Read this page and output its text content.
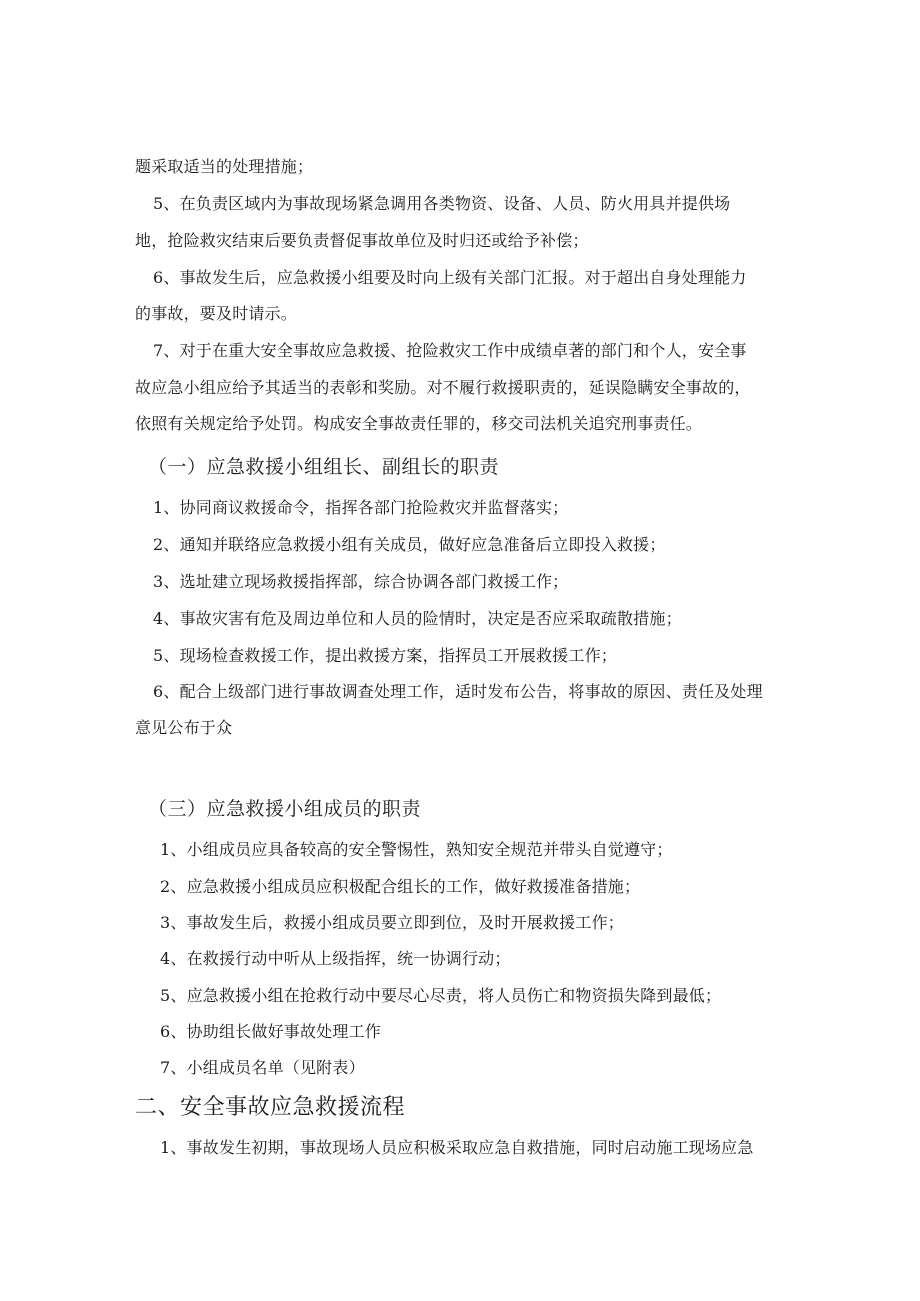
题采取适当的处理措施；
5、在负责区域内为事故现场紧急调用各类物资、设备、人员、防火用具并提供场
地，抢险救灾结束后要负责督促事故单位及时归还或给予补偿；
6、事故发生后，应急救援小组要及时向上级有关部门汇报。对于超出自身处理能力
的事故，要及时请示。
7、对于在重大安全事故应急救援、抢险救灾工作中成绩卓著的部门和个人，安全事
故应急小组应给予其适当的表彰和奖励。对不履行救援职责的，延误隐瞒安全事故的，
依照有关规定给予处罚。构成安全事故责任罪的，移交司法机关追究刑事责任。
（一）应急救援小组组长、副组长的职责
1、协同商议救援命令，指挥各部门抢险救灾并监督落实；
2、通知并联络应急救援小组有关成员，做好应急准备后立即投入救援；
3、选址建立现场救援指挥部，综合协调各部门救援工作；
4、事故灾害有危及周边单位和人员的险情时，决定是否应采取疏散措施；
5、现场检查救援工作，提出救援方案，指挥员工开展救援工作；
6、配合上级部门进行事故调查处理工作，适时发布公告，将事故的原因、责任及处理
意见公布于众
（三）应急救援小组成员的职责
1、小组成员应具备较高的安全警惕性，熟知安全规范并带头自觉遵守；
2、应急救援小组成员应积极配合组长的工作，做好救援准备措施；
3、事故发生后，救援小组成员要立即到位，及时开展救援工作；
4、在救援行动中听从上级指挥，统一协调行动；
5、应急救援小组在抢救行动中要尽心尽责，将人员伤亡和物资损失降到最低；
6、协助组长做好事故处理工作
7、小组成员名单（见附表）
二、安全事故应急救援流程
1、事故发生初期，事故现场人员应积极采取应急自救措施，同时启动施工现场应急
